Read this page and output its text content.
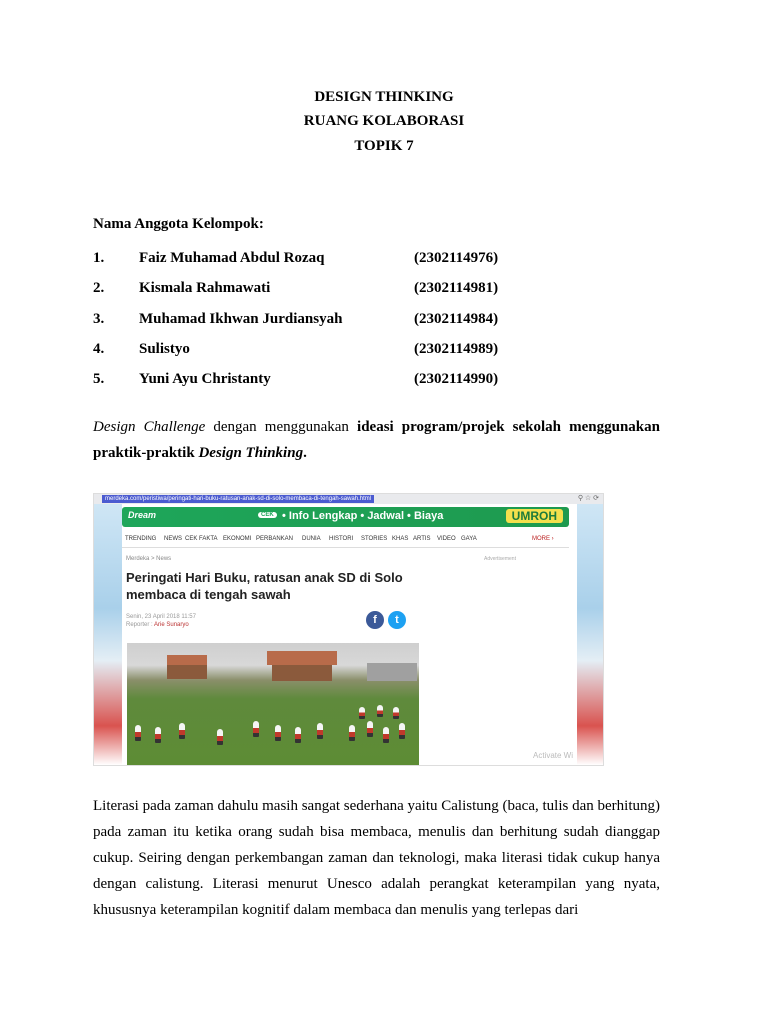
DESIGN THINKING
RUANG KOLABORASI
TOPIK 7
Nama Anggota Kelompok:
1. Faiz Muhamad Abdul Rozaq	(2302114976)
2. Kismala Rahmawati	(2302114981)
3. Muhamad Ikhwan Jurdiansyah	(2302114984)
4. Sulistyo	(2302114989)
5. Yuni Ayu Christanty	(2302114990)
Design Challenge dengan menggunakan ideasi program/projek sekolah menggunakan praktik-praktik Design Thinking.
merdeka.com/peristiwa/peringati-hari-buku-ratusan-anak-sd-di-solo-membaca-di-tengah-sawah.html	⚲ ☆ ⟳
Dream	CEK • Info Lengkap • Jadwal • Biaya	UMROH
TRENDING NEWS CEK FAKTA EKONOMI PERBANKAN DUNIA HISTORI STORIES KHAS ARTIS VIDEO GAYA	MORE ›
Merdeka > News	Advertisement
Peringati Hari Buku, ratusan anak SD di Solo membaca di tengah sawah
Senin, 23 April 2018 11:57
Reporter : Arie Sunaryo	f	t
Activate Wi
Literasi pada zaman dahulu masih sangat sederhana yaitu Calistung (baca, tulis dan berhitung) pada zaman itu ketika orang sudah bisa membaca, menulis dan berhitung sudah dianggap cukup. Seiring dengan perkembangan zaman dan teknologi, maka literasi tidak cukup hanya dengan calistung. Literasi menurut Unesco adalah perangkat keterampilan yang nyata, khususnya keterampilan kognitif dalam membaca dan menulis yang terlepas dari
